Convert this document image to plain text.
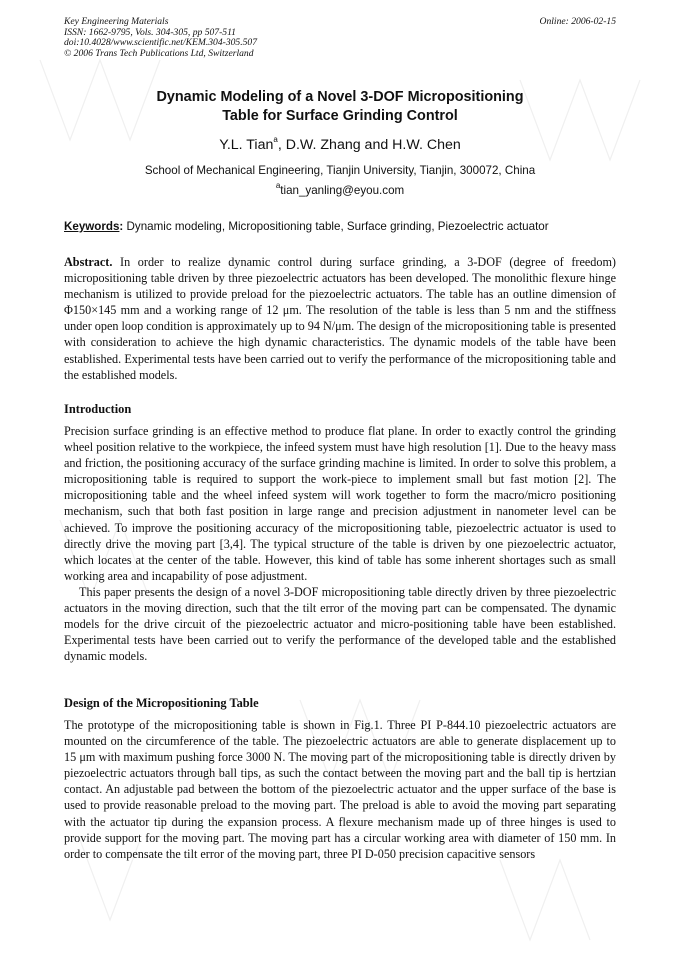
Key Engineering Materials
ISSN: 1662-9795, Vols. 304-305, pp 507-511
doi:10.4028/www.scientific.net/KEM.304-305.507
© 2006 Trans Tech Publications Ltd, Switzerland
Online: 2006-02-15
Dynamic Modeling of a Novel 3-DOF Micropositioning
Table for Surface Grinding Control
Y.L. Tian$^a$, D.W. Zhang and H.W. Chen
School of Mechanical Engineering, Tianjin University, Tianjin, 300072, China
$^a$tian_yanling@eyou.com
Keywords: Dynamic modeling, Micropositioning table, Surface grinding, Piezoelectric actuator
Abstract. In order to realize dynamic control during surface grinding, a 3-DOF (degree of freedom) micropositioning table driven by three piezoelectric actuators has been developed. The monolithic flexure hinge mechanism is utilized to provide preload for the piezoelectric actuators. The table has an outline dimension of Φ150×145 mm and a working range of 12 μm. The resolution of the table is less than 5 nm and the stiffness under open loop condition is approximately up to 94 N/μm. The design of the micropositioning table is presented with consideration to achieve the high dynamic characteristics. The dynamic models of the table have been established. Experimental tests have been carried out to verify the performance of the micropositioning table and the established models.
Introduction

Precision surface grinding is an effective method to produce flat plane. In order to exactly control the grinding wheel position relative to the workpiece, the infeed system must have high resolution [1]. Due to the heavy mass and friction, the positioning accuracy of the surface grinding machine is limited. In order to solve this problem, a micropositioning table is required to support the work-piece to implement small but fast motion [2]. The micropositioning table and the wheel infeed system will work together to form the macro/micro positioning mechanism, such that both fast position in large range and precision adjustment in nanometer level can be achieved. To improve the positioning accuracy of the micropositioning table, piezoelectric actuator is used to directly drive the moving part [3,4]. The typical structure of the table is driven by one piezoelectric actuator, which locates at the center of the table. However, this kind of table has some inherent shortages such as small working area and incapability of pose adjustment.

This paper presents the design of a novel 3-DOF micropositioning table directly driven by three piezoelectric actuators in the moving direction, such that the tilt error of the moving part can be compensated. The dynamic models for the drive circuit of the piezoelectric actuator and micro-positioning table have been established. Experimental tests have been carried out to verify the performance of the developed table and the established dynamic models.

Design of the Micropositioning Table

The prototype of the micropositioning table is shown in Fig.1. Three PI P-844.10 piezoelectric actuators are mounted on the circumference of the table. The piezoelectric actuators are able to generate displacement up to 15 μm with maximum pushing force 3000 N. The moving part of the micropositioning table is directly driven by piezoelectric actuators through ball tips, as such the contact between the moving part and the ball tip is hertzian contact. An adjustable pad between the bottom of the piezoelectric actuator and the upper surface of the base is used to provide reasonable preload to the moving part. The preload is able to avoid the moving part separating with the actuator tip during the expansion process. A flexure mechanism made up of three hinges is used to provide support for the moving part. The moving part has a circular working area with diameter of 150 mm. In order to compensate the tilt error of the moving part, three PI D-050 precision capacitive sensors
